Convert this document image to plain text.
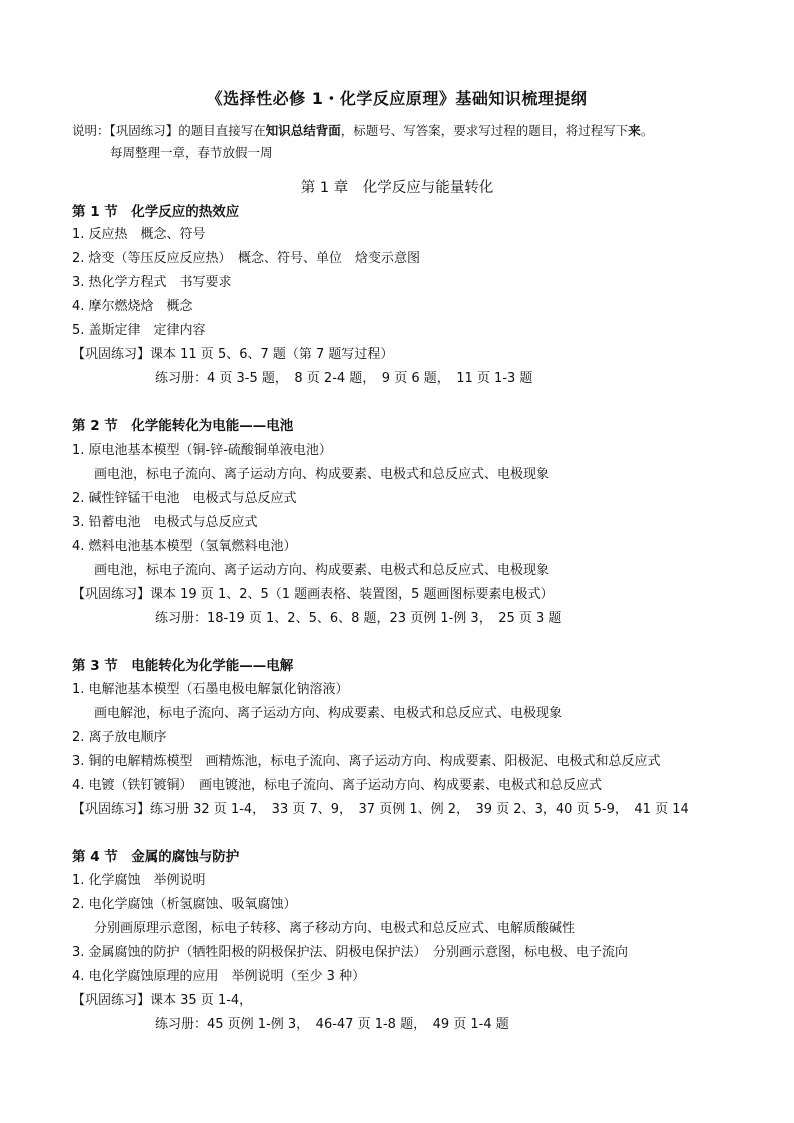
《选择性必修 1・化学反应原理》基础知识梳理提纲
说明：【巩固练习】的题目直接写在知识总结背面，标题号、写答案，要求写过程的题目，将过程写下来。
每周整理一章，春节放假一周
第 1 章　化学反应与能量转化
第 1 节　化学反应的热效应
1. 反应热　概念、符号
2. 焓变（等压反应反应热）　概念、符号、单位　焓变示意图
3. 热化学方程式　书写要求
4. 摩尔燃烧焓　概念
5. 盖斯定律　定律内容
【巩固练习】课本 11 页 5、6、7 题（第 7 题写过程）
练习册：4 页 3-5 题，　8 页 2-4 题，　9 页 6 题，　11 页 1-3 题
第 2 节　化学能转化为电能——电池
1. 原电池基本模型（铜-锌-硫酸铜单液电池）
画电池，标电子流向、离子运动方向、构成要素、电极式和总反应式、电极现象
2. 碱性锌锰干电池　电极式与总反应式
3. 铅蓄电池　电极式与总反应式
4. 燃料电池基本模型（氢氧燃料电池）
画电池，标电子流向、离子运动方向、构成要素、电极式和总反应式、电极现象
【巩固练习】课本 19 页 1、2、5（1 题画表格、装置图，5 题画图标要素电极式）
练习册：18-19 页 1、2、5、6、8 题，23 页例 1-例 3，　25 页 3 题
第 3 节　电能转化为化学能——电解
1. 电解池基本模型（石墨电极电解氯化钠溶液）
画电解池，标电子流向、离子运动方向、构成要素、电极式和总反应式、电极现象
2. 离子放电顺序
3. 铜的电解精炼模型　画精炼池，标电子流向、离子运动方向、构成要素、阳极泥、电极式和总反应式
4. 电镀（铁钉镀铜）　画电镀池，标电子流向、离子运动方向、构成要素、电极式和总反应式
【巩固练习】练习册 32 页 1-4，　33 页 7、9，　37 页例 1、例 2，　39 页 2、3，40 页 5-9，　41 页 14
第 4 节　金属的腐蚀与防护
1. 化学腐蚀　举例说明
2. 电化学腐蚀（析氢腐蚀、吸氧腐蚀）
分别画原理示意图，标电子转移、离子移动方向、电极式和总反应式、电解质酸碱性
3. 金属腐蚀的防护（牺牲阳极的阴极保护法、阴极电保护法）　分别画示意图，标电极、电子流向
4. 电化学腐蚀原理的应用　举例说明（至少 3 种）
【巩固练习】课本 35 页 1-4，
练习册：45 页例 1-例 3，　46-47 页 1-8 题，　49 页 1-4 题
